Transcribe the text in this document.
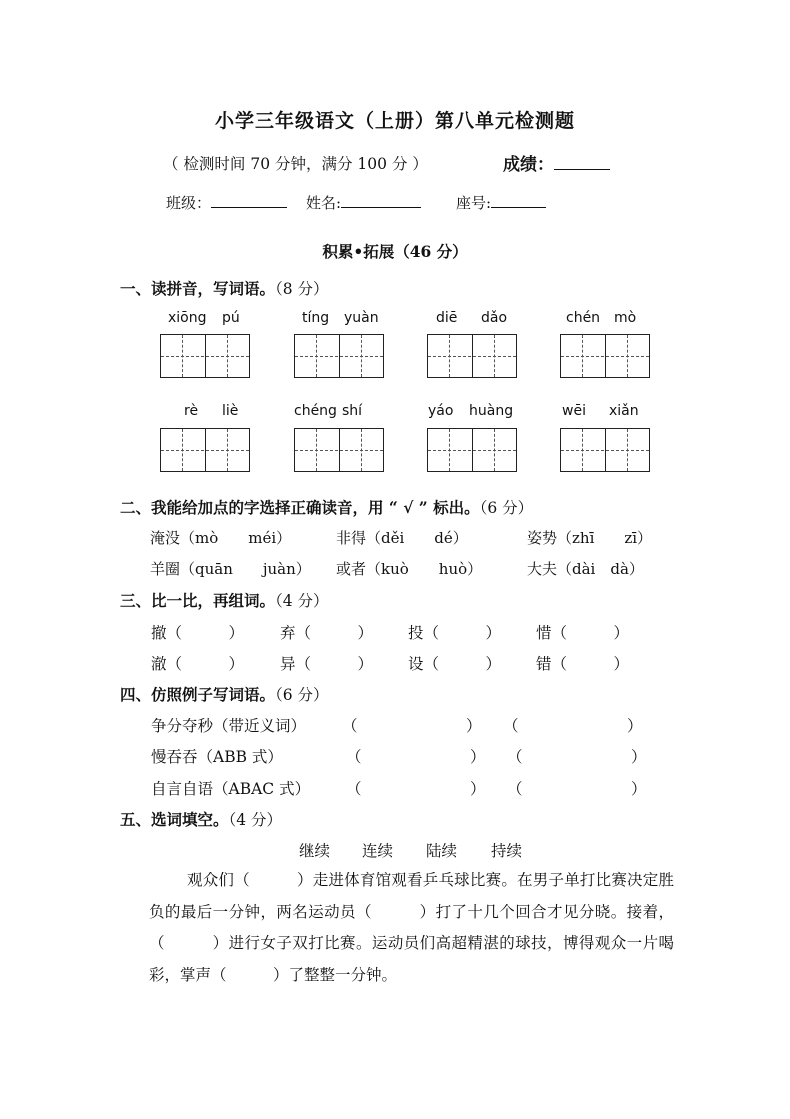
小学三年级语文（上册）第八单元检测题
（ 检测时间 70 分钟，满分 100 分 ）	成绩：
班级：	姓名:	座号:
积累•拓展（46 分）
一、读拼音，写词语。（8 分）
xiōng pú	tíng yuàn	diē dǎo	chén mò
rè liè	chéng shí	yáo huàng	wēi xiǎn
二、我能给加点的字选择正确读音，用 “ √ ” 标出。（6 分）
淹没（mò　　méi）	非得（děi　　dé）	姿势（zhī　　zī）
羊圈（quān　　juàn） 或者（kuò　　huò）	大夫（dài　dà）
三、比一比，再组词。（4 分）
撤（　　　） 弃（　　　） 投（　　　） 惜（　　　）
澈（　　　） 异（　　　） 设（　　　） 错（　　　）
四、仿照例子写词语。（6 分）
争分夺秒（带近义词） （　　　　　　　） （　　　　　　　）
慢吞吞（ABB 式）	（　　　　　　　） （　　　　　　　）
自言自语（ABAC 式） （　　　　　　　） （　　　　　　　）
五、选词填空。（4 分）
继续 连续 陆续 持续
观众们（　　　）走进体育馆观看乒乓球比赛。在男子单打比赛决定胜负的最后一分钟，两名运动员（　　　）打了十几个回合才见分晓。接着，（　　　）进行女子双打比赛。运动员们高超精湛的球技，博得观众一片喝彩，掌声（　　　）了整整一分钟。
